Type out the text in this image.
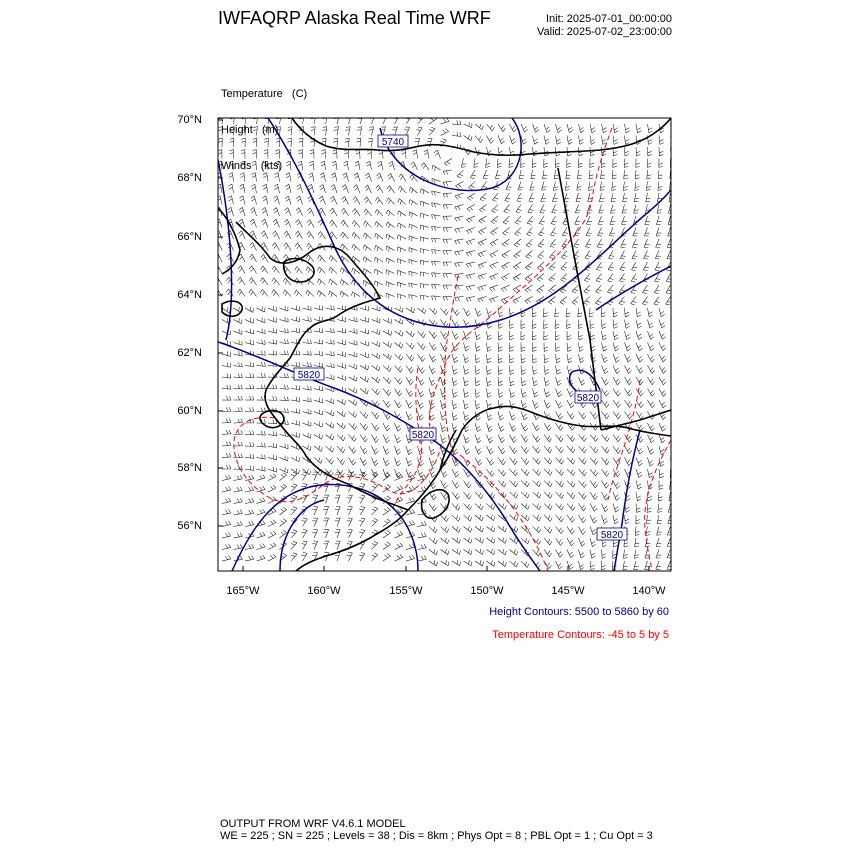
IWFAQRP Alaska Real Time WRF	Init: 2025-07-01_00:00:00
Valid: 2025-07-02_23:00:00

Temperature   (C)

Height   (m)

Winds   (kts)

70°N
68°N
66°N
64°N
62°N
60°N
58°N
56°N
165°W	160°W	155°W	150°W	145°W	140°W
5740
5820
5820
5820
5820
Height Contours: 5500 to 5860 by 60
Temperature Contours: -45 to 5 by 5
OUTPUT FROM WRF V4.6.1 MODEL
WE = 225 ; SN = 225 ; Levels = 38 ; Dis = 8km ; Phys Opt = 8 ; PBL Opt = 1 ; Cu Opt = 3
